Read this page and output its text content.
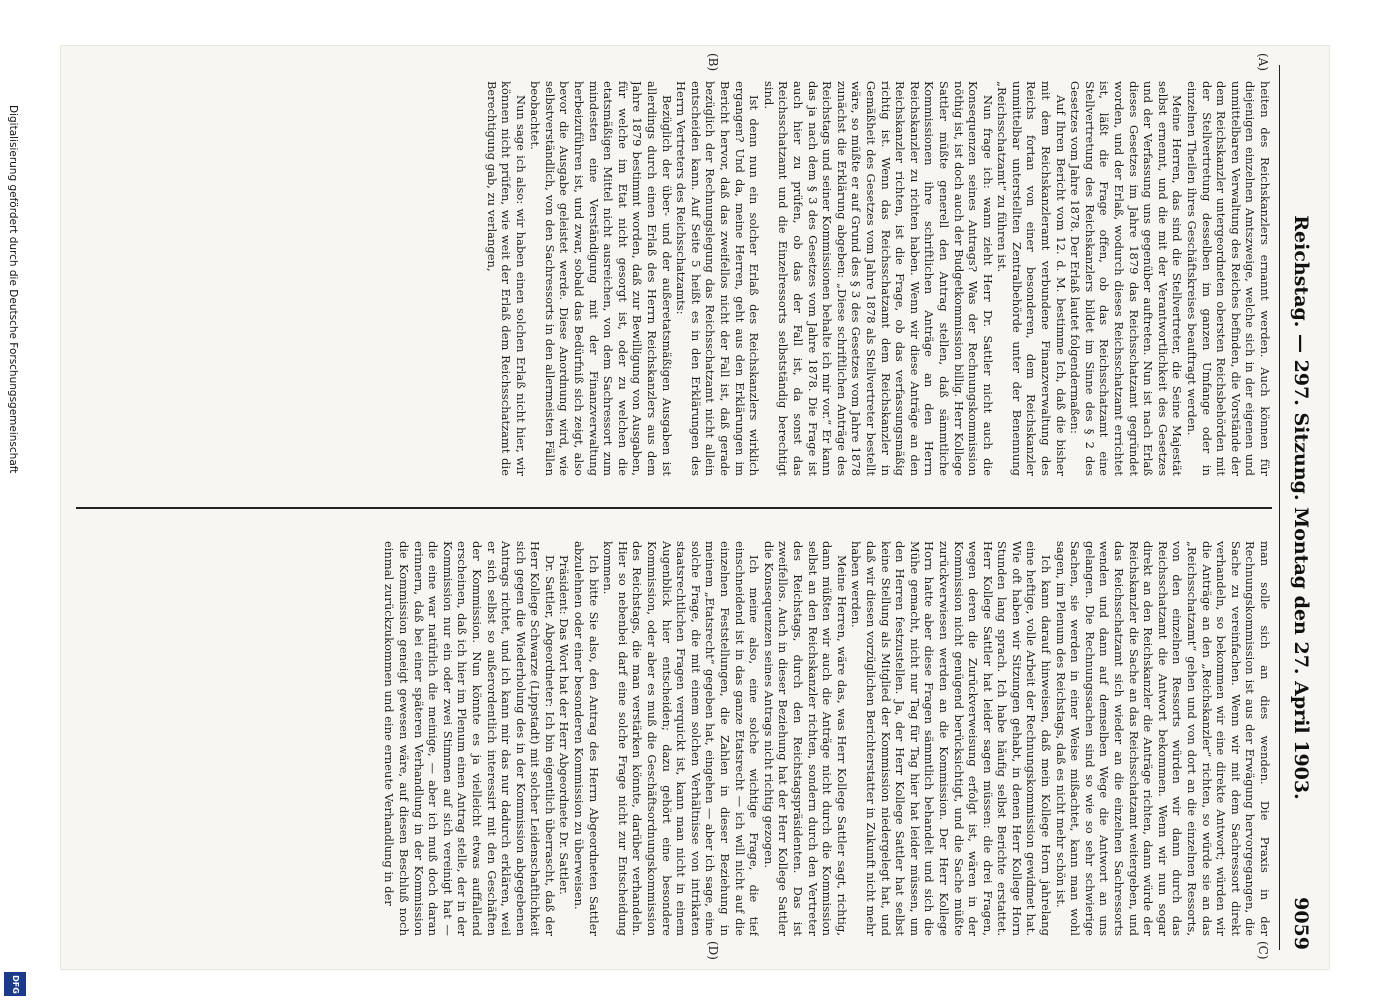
Reichstag. — 297. Sitzung. Montag den 27. April 1903.
9059
(A)
(B)
(C)
(D)

heiten des Reichskanzlers ernannt werden. Auch können für diejenigen einzelnen Amtszweige, welche sich in der eigenen und unmittelbaren Verwaltung des Reiches befinden, die Vorstände der dem Reichskanzler untergeordneten obersten Reichsbehörden mit der Stellvertretung desselben im ganzen Umfange oder in einzelnen Theilen ihres Geschäftskreises beauftragt werden.

Meine Herren, das sind die Stellvertreter, die Seine Majestät selbst ernennt, und die mit der Verantwortlichkeit des Gesetzes und der Verfassung uns gegenüber auftreten. Nun ist nach Erlaß dieses Gesetzes im Jahre 1879 das Reichsschatzamt gegründet worden, und der Erlaß, wodurch dieses Reichsschatzamt errichtet ist, läßt die Frage offen, ob das Reichsschatzamt eine Stellvertretung des Reichskanzlers bildet im Sinne des § 2 des Gesetzes vom Jahre 1878. Der Erlaß lautet folgendermaßen:

Auf Ihren Bericht vom 12. d. M. bestimme Ich, daß die bisher mit dem Reichskanzleramt verbundene Finanzverwaltung des Reichs fortan von einer besonderen, dem Reichskanzler unmittelbar unterstellten Zentralbehörde unter der Benennung „Reichsschatzamt“ zu führen ist.

Nun frage ich: wann zieht Herr Dr. Sattler nicht auch die Konsequenzen seines Antrags? Was der Rechnungskommission nöthig ist, ist doch auch der Budgetkommission billig. Herr Kollege Sattler müßte generell den Antrag stellen, daß sämmtliche Kommissionen ihre schriftlichen Anträge an den Herrn Reichskanzler zu richten haben. Wenn wir diese Anträge an den Reichskanzler richten, ist die Frage, ob das verfassungsmäßig richtig ist. Wenn das Reichsschatzamt dem Reichskanzler in Gemäßheit des Gesetzes vom Jahre 1878 als Stellvertreter bestellt wäre, so müßte er auf Grund des § 3 des Gesetzes vom Jahre 1878 zunächst die Erklärung abgeben: „Diese schriftlichen Anträge des Reichstags und seiner Kommissionen behalte ich mir vor.“ Er kann das ja nach dem § 3 des Gesetzes vom Jahre 1878. Die Frage ist auch hier zu prüfen, ob das der Fall ist, da sonst das Reichsschatzamt und die Einzelressorts selbstständig berechtigt sind.

Ist denn nun ein solcher Erlaß des Reichskanzlers wirklich ergangen? Und da, meine Herren, geht aus den Erklärungen im Bericht hervor, daß das zweifellos nicht der Fall ist, daß gerade bezüglich der Rechnungslegung das Reichsschatzamt nicht allein entscheiden kann. Auf Seite 5 heißt es in den Erklärungen des Herrn Vertreters des Reichsschatzamts:

Bezüglich der über- und der außeretatsmäßigen Ausgaben ist allerdings durch einen Erlaß des Herrn Reichskanzlers aus dem Jahre 1879 bestimmt worden, daß zur Bewilligung von Ausgaben, für welche im Etat nicht gesorgt ist, oder zu welchen die etatsmäßigen Mittel nicht ausreichen, von dem Sachressort zum mindesten eine Verständigung mit der Finanzverwaltung herbeizuführen ist, und zwar, sobald das Bedürfniß sich zeigt, also bevor die Ausgabe geleistet werde. Diese Anordnung wird, wie selbstverständlich, von den Sachressorts in den allermeisten Fällen beobachtet.

Nun sage ich also: wir haben einen solchen Erlaß nicht hier, wir können nicht prüfen, wie weit der Erlaß dem Reichsschatzamt die Berechtigung gab, zu verlangen,

man solle sich an dies wenden. Die Praxis in der Rechnungskommission ist aus der Erwägung hervorgegangen, die Sache zu vereinfachen. Wenn wir mit dem Sachressort direkt verhandeln, so bekommen wir eine direkte Antwort; würden wir die Anträge an den „Reichskanzler“ richten, so würde sie an das „Reichsschatzamt“ gehen und von dort an die einzelnen Ressorts, von den einzelnen Ressorts würden wir dann durch das Reichsschatzamt die Antwort bekommen. Wenn wir nun sogar direkt an den Reichskanzler die Anträge richten, dann würde der Reichskanzler die Sache an das Reichsschatzamt weitergeben, und das Reichsschatzamt sich wieder an die einzelnen Sachressorts wenden und dann auf demselben Wege die Antwort an uns gelangen. Die Rechnungssachen sind so wie so sehr schwierige Sachen, sie werden in einer Weise mißachtet, kann man wohl sagen, im Plenum des Reichstags, daß es nicht mehr schön ist.

Ich kann darauf hinweisen, daß mein Kollege Horn jahrelang eine heftige, volle Arbeit der Rechnungskommission gewidmet hat. Wie oft haben wir Sitzungen gehabt, in denen Herr Kollege Horn Stunden lang sprach. Ich habe häufig selbst Berichte erstattet. Herr Kollege Sattler hat leider sagen müssen: die drei Fragen, wegen deren die Zurückverweisung erfolgt ist, wären in der Kommission nicht genügend berücksichtigt, und die Sache müßte zurückverwiesen werden an die Kommission. Der Herr Kollege Horn hatte aber diese Fragen sämmtlich behandelt und sich die Mühe gemacht, nicht nur Tag für Tag hier hat leider müssen, um den Herren festzustellen. Ja, der Herr Kollege Sattler hat selbst keine Stellung als Mitglied der Kommission niedergelegt hat, und daß wir diesen vorzüglichen Berichterstatter in Zukunft nicht mehr haben werden.

Meine Herren, wäre das, was Herr Kollege Sattler sagt, richtig, dann müßten wir auch die Anträge nicht durch die Kommission selbst an den Reichskanzler richten, sondern durch den Vertreter des Reichstags, durch den Reichstagspräsidenten. Das ist zweifellos. Auch in dieser Beziehung hat der Herr Kollege Sattler die Konsequenzen seines Antrags nicht richtig gezogen.

Ich meine also, eine solche wichtige Frage, die tief einschneidend ist in das ganze Etatsrecht — ich will nicht auf die einzelnen Feststellungen, die Zahlen in dieser Beziehung in meinem „Etatsrecht“ gegeben hat, eingehen — aber ich sage, eine solche Frage, die mit einem solchen Verhältnisse von intrikaten staatsrechtlichen Fragen verquickt ist, kann man nicht in einem Augenblick hier entscheiden; dazu gehört eine besondere Kommission, oder aber es muß die Geschäftsordnungskommission des Reichstags, die man verstärken könnte, darüber verhandeln. Hier so nebenbei darf eine solche Frage nicht zur Entscheidung kommen.

Ich bitte Sie also, den Antrag des Herrn Abgeordneten Sattler abzulehnen oder einer besonderen Kommission zu überweisen.

Präsident: Das Wort hat der Herr Abgeordnete Dr. Sattler.

Dr. Sattler, Abgeordneter: Ich bin eigentlich überrascht, daß der Herr Kollege Schwarze (Lippstadt) mit solcher Leidenschaftlichkeit sich gegen die Wiederholung des in der Kommission abgegebenen Antrags richtet, und ich kann mir das nur dadurch erklären, weil er sich selbst so außerordentlich interessirt mit den Geschäften der Kommission. Nun könnte es ja vielleicht etwas auffallend erscheinen, daß ich hier im Plenum einen Antrag stelle, der in der Kommission nur ein oder zwei Stimmen auf sich vereinigt hat — die eine war natürlich die meinige, — aber ich muß doch daran erinnern, daß bei einer späteren Verhandlung in der Kommission die Kommission geneigt gewesen wäre, auf diesen Beschluß noch einmal zurückzukommen und eine erneute Verhandlung in der

Digitalisierung gefördert durch die Deutsche Forschungsgemeinschaft
DFG
